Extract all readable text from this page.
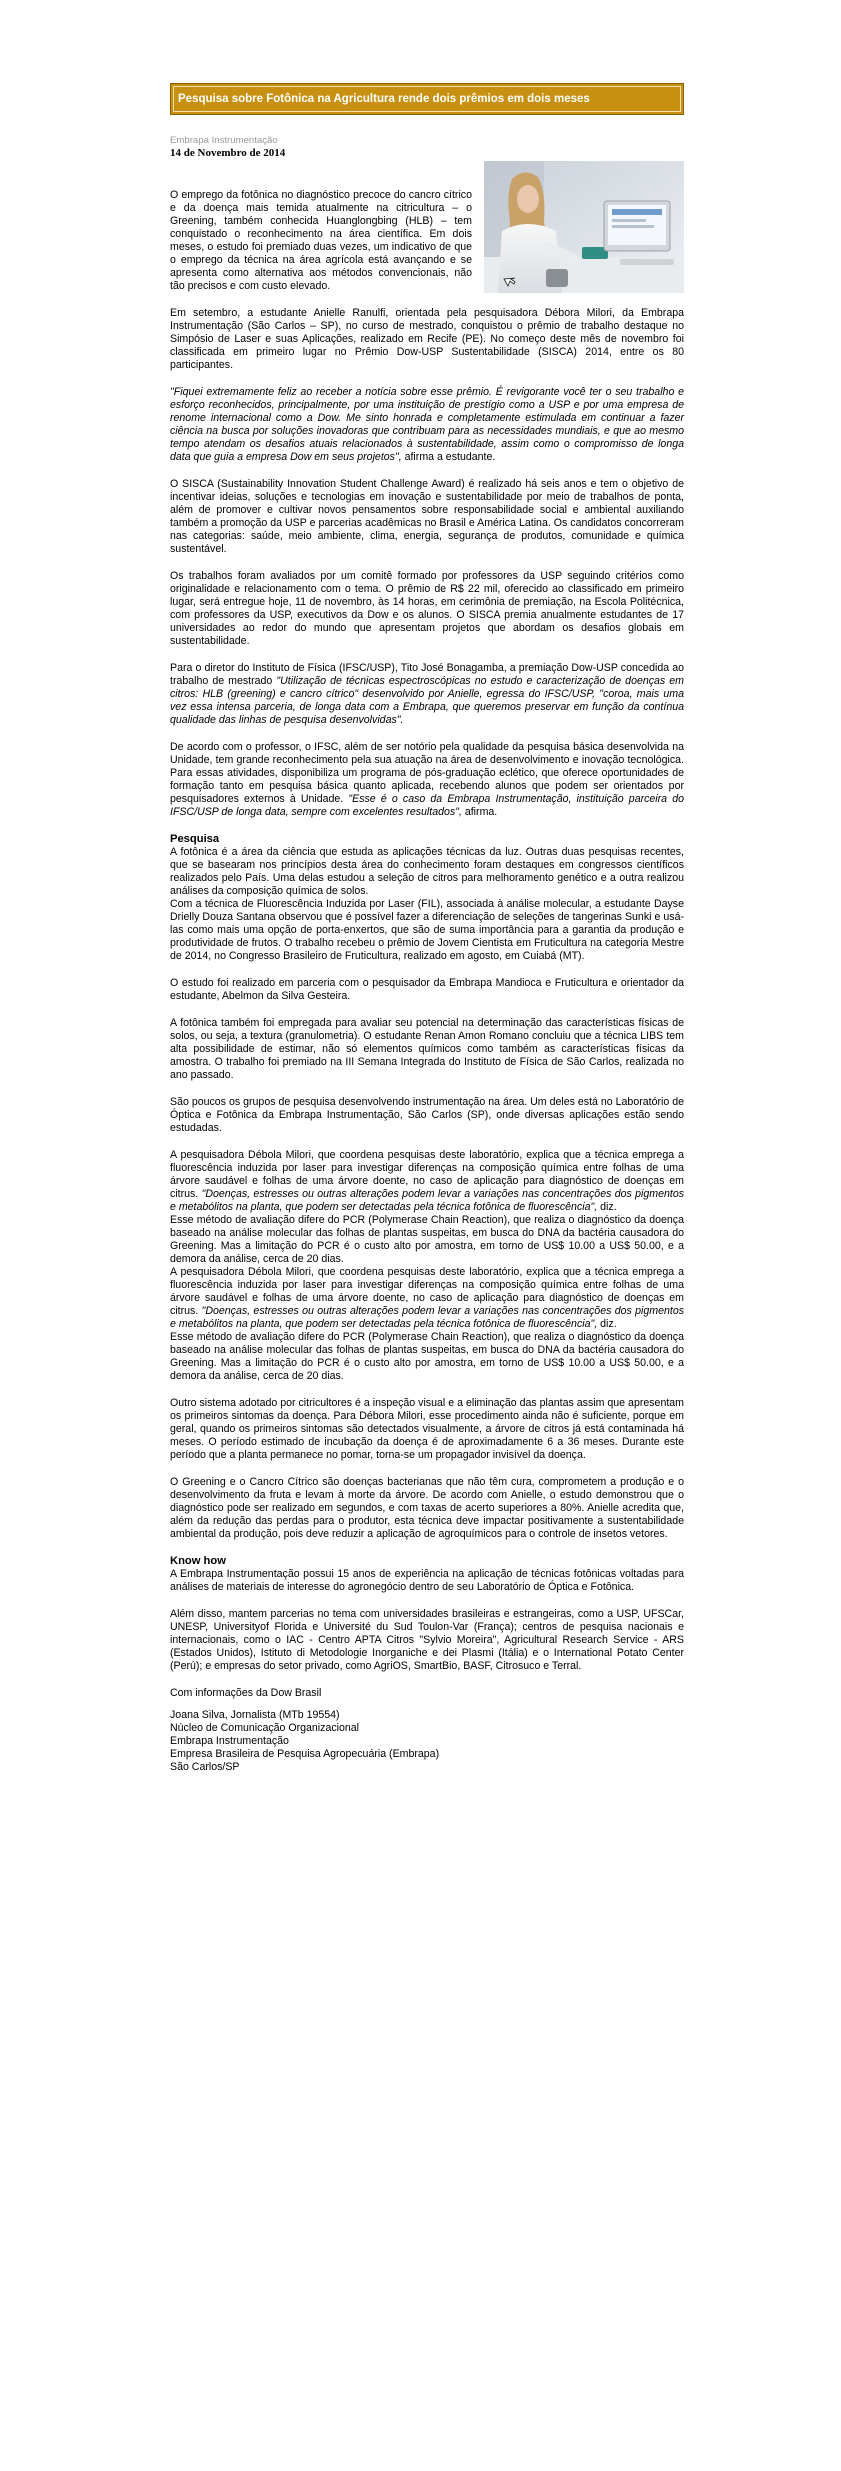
Pesquisa sobre Fotônica na Agricultura rende dois prêmios em dois meses
Embrapa Instrumentação
14 de Novembro de 2014

O emprego da fotônica no diagnóstico precoce do cancro cítrico e da doença mais temida atualmente na citricultura – o Greening, também conhecida Huanglongbing (HLB) – tem conquistado o reconhecimento na área científica. Em dois meses, o estudo foi premiado duas vezes, um indicativo de que o emprego da técnica na área agrícola está avançando e se apresenta como alternativa aos métodos convencionais, não tão precisos e com custo elevado.

Em setembro, a estudante Anielle Ranulfi, orientada pela pesquisadora Débora Milori, da Embrapa Instrumentação (São Carlos – SP), no curso de mestrado, conquistou o prêmio de trabalho destaque no Simpósio de Laser e suas Aplicações, realizado em Recife (PE). No começo deste mês de novembro foi classificada em primeiro lugar no Prêmio Dow-USP Sustentabilidade (SISCA) 2014, entre os 80 participantes.

"Fiquei extremamente feliz ao receber a notícia sobre esse prêmio. É revigorante você ter o seu trabalho e esforço reconhecidos, principalmente, por uma instituição de prestígio como a USP e por uma empresa de renome internacional como a Dow. Me sinto honrada e completamente estimulada em continuar a fazer ciência na busca por soluções inovadoras que contribuam para as necessidades mundiais, e que ao mesmo tempo atendam os desafios atuais relacionados à sustentabilidade, assim como o compromisso de longa data que guia a empresa Dow em seus projetos", afirma a estudante.

O SISCA (Sustainability Innovation Student Challenge Award) é realizado há seis anos e tem o objetivo de incentivar ideias, soluções e tecnologias em inovação e sustentabilidade por meio de trabalhos de ponta, além de promover e cultivar novos pensamentos sobre responsabilidade social e ambiental auxiliando também a promoção da USP e parcerias acadêmicas no Brasil e América Latina. Os candidatos concorreram nas categorias: saúde, meio ambiente, clima, energia, segurança de produtos, comunidade e química sustentável.

Os trabalhos foram avaliados por um comitê formado por professores da USP seguindo critérios como originalidade e relacionamento com o tema. O prêmio de R$ 22 mil, oferecido ao classificado em primeiro lugar, será entregue hoje, 11 de novembro, às 14 horas, em cerimônia de premiação, na Escola Politécnica, com professores da USP, executivos da Dow e os alunos. O SISCA premia anualmente estudantes de 17 universidades ao redor do mundo que apresentam projetos que abordam os desafios globais em sustentabilidade.

Para o diretor do Instituto de Física (IFSC/USP), Tito José Bonagamba, a premiação Dow-USP concedida ao trabalho de mestrado "Utilização de técnicas espectroscópicas no estudo e caracterização de doenças em citros: HLB (greening) e cancro cítrico" desenvolvido por Anielle, egressa do IFSC/USP, "coroa, mais uma vez essa intensa parceria, de longa data com a Embrapa, que queremos preservar em função da contínua qualidade das linhas de pesquisa desenvolvidas".

De acordo com o professor, o IFSC, além de ser notório pela qualidade da pesquisa básica desenvolvida na Unidade, tem grande reconhecimento pela sua atuação na área de desenvolvimento e inovação tecnológica. Para essas atividades, disponibiliza um programa de pós-graduação eclético, que oferece oportunidades de formação tanto em pesquisa básica quanto aplicada, recebendo alunos que podem ser orientados por pesquisadores externos à Unidade. "Esse é o caso da Embrapa Instrumentação, instituição parceira do IFSC/USP de longa data, sempre com excelentes resultados", afirma.

Pesquisa

A fotônica é a área da ciência que estuda as aplicações técnicas da luz. Outras duas pesquisas recentes, que se basearam nos princípios desta área do conhecimento foram destaques em congressos científicos realizados pelo País. Uma delas estudou a seleção de citros para melhoramento genético e a outra realizou análises da composição química de solos.

Com a técnica de Fluorescência Induzida por Laser (FIL), associada à análise molecular, a estudante Dayse Drielly Douza Santana observou que é possível fazer a diferenciação de seleções de tangerinas Sunki e usá-las como mais uma opção de porta-enxertos, que são de suma importância para a garantia da produção e produtividade de frutos. O trabalho recebeu o prêmio de Jovem Cientista em Fruticultura na categoria Mestre de 2014, no Congresso Brasileiro de Fruticultura, realizado em agosto, em Cuiabá (MT).

O estudo foi realizado em parceria com o pesquisador da Embrapa Mandioca e Fruticultura e orientador da estudante, Abelmon da Silva Gesteira.

A fotônica também foi empregada para avaliar seu potencial na determinação das características físicas de solos, ou seja, a textura (granulometria). O estudante Renan Amon Romano concluiu que a técnica LIBS tem alta possibilidade de estimar, não só elementos químicos como também as características físicas da amostra. O trabalho foi premiado na III Semana Integrada do Instituto de Física de São Carlos, realizada no ano passado.

São poucos os grupos de pesquisa desenvolvendo instrumentação na área. Um deles está no Laboratório de Óptica e Fotônica da Embrapa Instrumentação, São Carlos (SP), onde diversas aplicações estão sendo estudadas.

A pesquisadora Débola Milori, que coordena pesquisas deste laboratório, explica que a técnica emprega a fluorescência induzida por laser para investigar diferenças na composição química entre folhas de uma árvore saudável e folhas de uma árvore doente, no caso de aplicação para diagnóstico de doenças em citrus. "Doenças, estresses ou outras alterações podem levar a variações nas concentrações dos pigmentos e metabólitos na planta, que podem ser detectadas pela técnica fotônica de fluorescência", diz.

Esse método de avaliação difere do PCR (Polymerase Chain Reaction), que realiza o diagnóstico da doença baseado na análise molecular das folhas de plantas suspeitas, em busca do DNA da bactéria causadora do Greening. Mas a limitação do PCR é o custo alto por amostra, em torno de US$ 10.00 a US$ 50.00, e a demora da análise, cerca de 20 dias.

A pesquisadora Débola Milori, que coordena pesquisas deste laboratório, explica que a técnica emprega a fluorescência induzida por laser para investigar diferenças na composição química entre folhas de uma árvore saudável e folhas de uma árvore doente, no caso de aplicação para diagnóstico de doenças em citrus. "Doenças, estresses ou outras alterações podem levar a variações nas concentrações dos pigmentos e metabólitos na planta, que podem ser detectadas pela técnica fotônica de fluorescência", diz.

Esse método de avaliação difere do PCR (Polymerase Chain Reaction), que realiza o diagnóstico da doença baseado na análise molecular das folhas de plantas suspeitas, em busca do DNA da bactéria causadora do Greening. Mas a limitação do PCR é o custo alto por amostra, em torno de US$ 10.00 a US$ 50.00, e a demora da análise, cerca de 20 dias.

Outro sistema adotado por citricultores é a inspeção visual e a eliminação das plantas assim que apresentam os primeiros sintomas da doença. Para Débora Milori, esse procedimento ainda não é suficiente, porque em geral, quando os primeiros sintomas são detectados visualmente, a árvore de citros já está contaminada há meses. O período estimado de incubação da doença é de aproximadamente 6 a 36 meses. Durante este período que a planta permanece no pomar, torna-se um propagador invisível da doença.

O Greening e o Cancro Cítrico são doenças bacterianas que não têm cura, comprometem a produção e o desenvolvimento da fruta e levam à morte da árvore. De acordo com Anielle, o estudo demonstrou que o diagnóstico pode ser realizado em segundos, e com taxas de acerto superiores a 80%. Anielle acredita que, além da redução das perdas para o produtor, esta técnica deve impactar positivamente a sustentabilidade ambiental da produção, pois deve reduzir a aplicação de agroquímicos para o controle de insetos vetores.

Know how

A Embrapa Instrumentação possui 15 anos de experiência na aplicação de técnicas fotônicas voltadas para análises de materiais de interesse do agronegócio dentro de seu Laboratório de Óptica e Fotônica.

Além disso, mantem parcerias no tema com universidades brasileiras e estrangeiras, como a USP, UFSCar, UNESP, Universityof Florida e Université du Sud Toulon-Var (França); centros de pesquisa nacionais e internacionais, como o IAC - Centro APTA Citros "Sylvio Moreira", Agricultural Research Service - ARS (Estados Unidos), Istituto di Metodologie Inorganiche e dei Plasmi (Itália) e o International Potato Center (Perú); e empresas do setor privado, como AgriOS, SmartBio, BASF, Citrosuco e Terral.

Com informações da Dow Brasil

Joana Silva, Jornalista (MTb 19554)

Núcleo de Comunicação Organizacional

Embrapa Instrumentação

Empresa Brasileira de Pesquisa Agropecuária (Embrapa)

São Carlos/SP
